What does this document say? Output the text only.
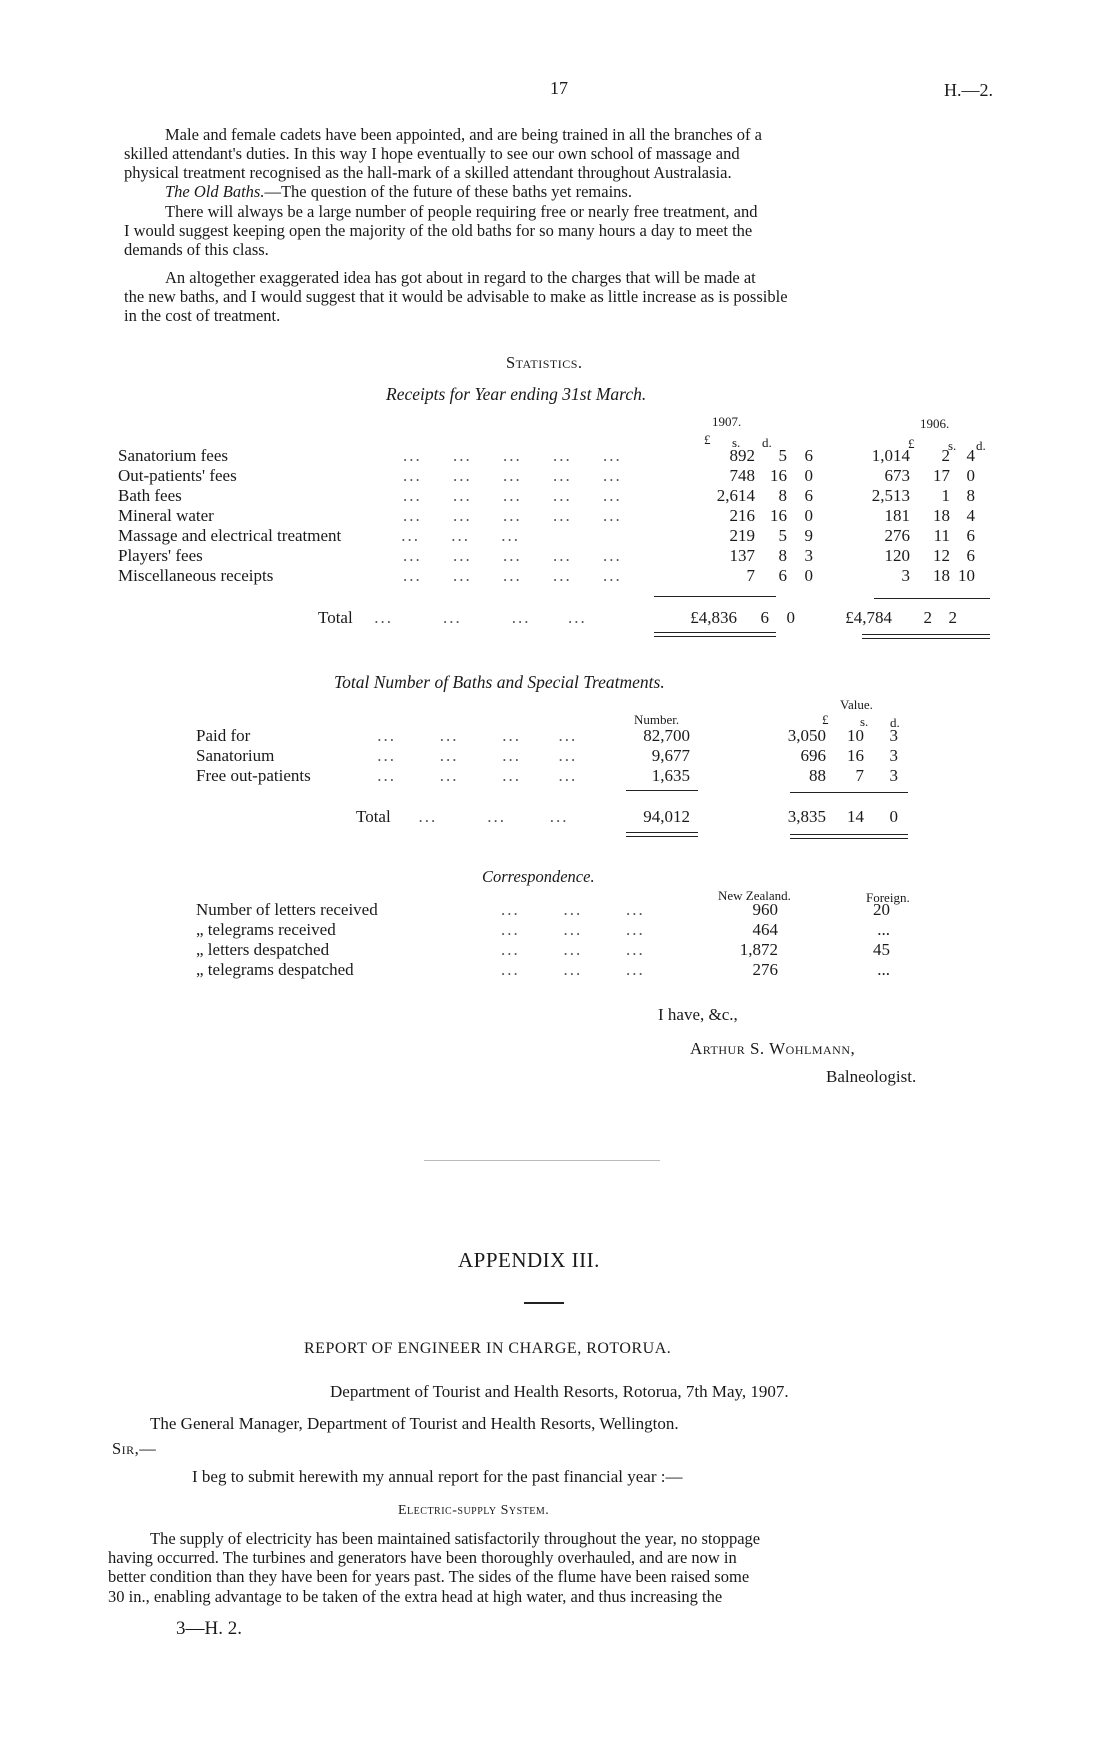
17	H.—2.
Male and female cadets have been appointed, and are being trained in all the branches of a
skilled attendant's duties. In this way I hope eventually to see our own school of massage and
physical treatment recognised as the hall-mark of a skilled attendant throughout Australasia.
The Old Baths.—The question of the future of these baths yet remains.
There will always be a large number of people requiring free or nearly free treatment, and
I would suggest keeping open the majority of the old baths for so many hours a day to meet the
demands of this class.
An altogether exaggerated idea has got about in regard to the charges that will be made at
the new baths, and I would suggest that it would be advisable to make as little increase as is possible
in the cost of treatment.
Statistics.
Receipts for Year ending 31st March.
1907.	1906.
£ s. d.	£	s. d.
Sanatorium fees	...     ...     ...     ...     ...	892	5	6	1,014	2	4
Out-patients' fees	...     ...     ...     ...     ...	748	16	0	673	17	0
Bath fees	...     ...     ...     ...     ...	2,614	8	6	2,513	1	8
Mineral water	...     ...     ...     ...     ...	216	16	0	181	18	4
Massage and electrical treatment ...     ...     ...		219	5	9	276	11	6
Players' fees	...     ...     ...     ...     ...	137	8	3	120	12	6
Miscellaneous receipts	...     ...     ...     ...     ...	7	6	0	3	18	10
Total	...        ...        ...      ...	£4,836	6	0	£4,784	2	2
Total Number of Baths and Special Treatments.
Value.
Number.	£ s. d.
Paid for	...       ...       ...      ...	82,700	3,050	10	3
Sanatorium	...       ...       ...      ...	9,677	696	16	3
Free out-patients	...       ...       ...      ...	1,635	88	7	3
Total	...        ...       ...	94,012	3,835	14	0
Correspondence.
New Zealand.	Foreign.
Number of letters received	...       ...       ...	960	20
„ telegrams received	...       ...       ...	464	...
„ letters despatched	...       ...       ...	1,872	45
„ telegrams despatched	...       ...       ...	276	...
I have, &c.,
Arthur S. Wohlmann,
Balneologist.
APPENDIX III.
REPORT OF ENGINEER IN CHARGE, ROTORUA.
Department of Tourist and Health Resorts, Rotorua, 7th May, 1907.
The General Manager, Department of Tourist and Health Resorts, Wellington.
Sir,—
I beg to submit herewith my annual report for the past financial year :—
Electric-supply System.
The supply of electricity has been maintained satisfactorily throughout the year, no stoppage
having occurred. The turbines and generators have been thoroughly overhauled, and are now in
better condition than they have been for years past. The sides of the flume have been raised some
30 in., enabling advantage to be taken of the extra head at high water, and thus increasing the
3—H. 2.
